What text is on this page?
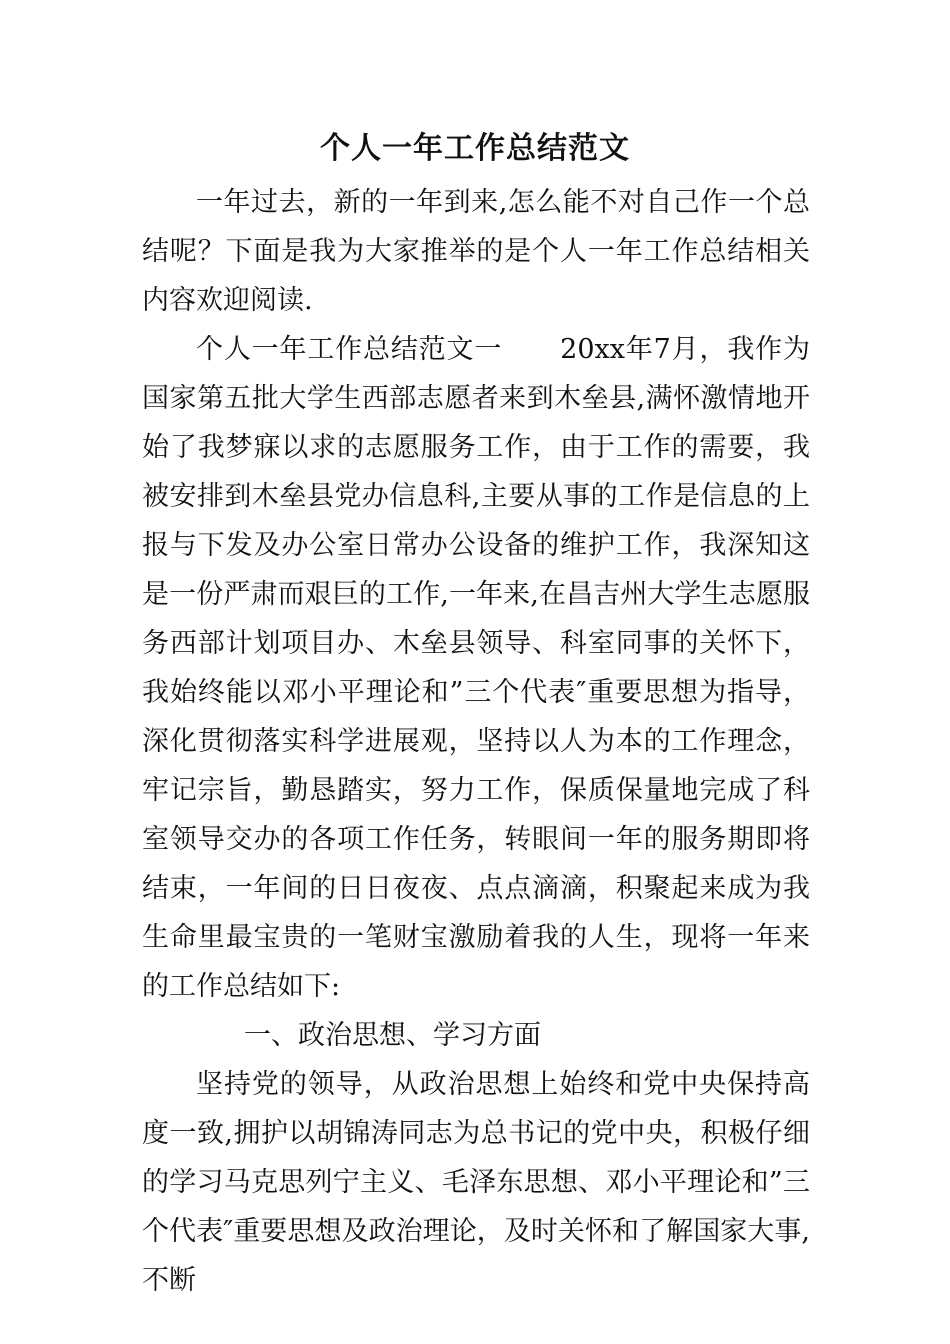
个人一年工作总结范文

一年过去，新的一年到来,怎么能不对自己作一个总结呢？下面是我为大家推举的是个人一年工作总结相关内容欢迎阅读.

个人一年工作总结范文一 20xx年7月，我作为国家第五批大学生西部志愿者来到木垒县,满怀激情地开始了我梦寐以求的志愿服务工作，由于工作的需要，我被安排到木垒县党办信息科,主要从事的工作是信息的上报与下发及办公室日常办公设备的维护工作，我深知这是一份严肃而艰巨的工作,一年来,在昌吉州大学生志愿服务西部计划项目办、木垒县领导、科室同事的关怀下，我始终能以邓小平理论和”三个代表″重要思想为指导，深化贯彻落实科学进展观，坚持以人为本的工作理念，牢记宗旨，勤恳踏实，努力工作，保质保量地完成了科室领导交办的各项工作任务，转眼间一年的服务期即将结束，一年间的日日夜夜、点点滴滴，积聚起来成为我生命里最宝贵的一笔财宝激励着我的人生，现将一年来的工作总结如下:

一、政治思想、学习方面

坚持党的领导，从政治思想上始终和党中央保持高度一致,拥护以胡锦涛同志为总书记的党中央，积极仔细的学习马克思列宁主义、毛泽东思想、邓小平理论和”三个代表″重要思想及政治理论，及时关怀和了解国家大事,不断
